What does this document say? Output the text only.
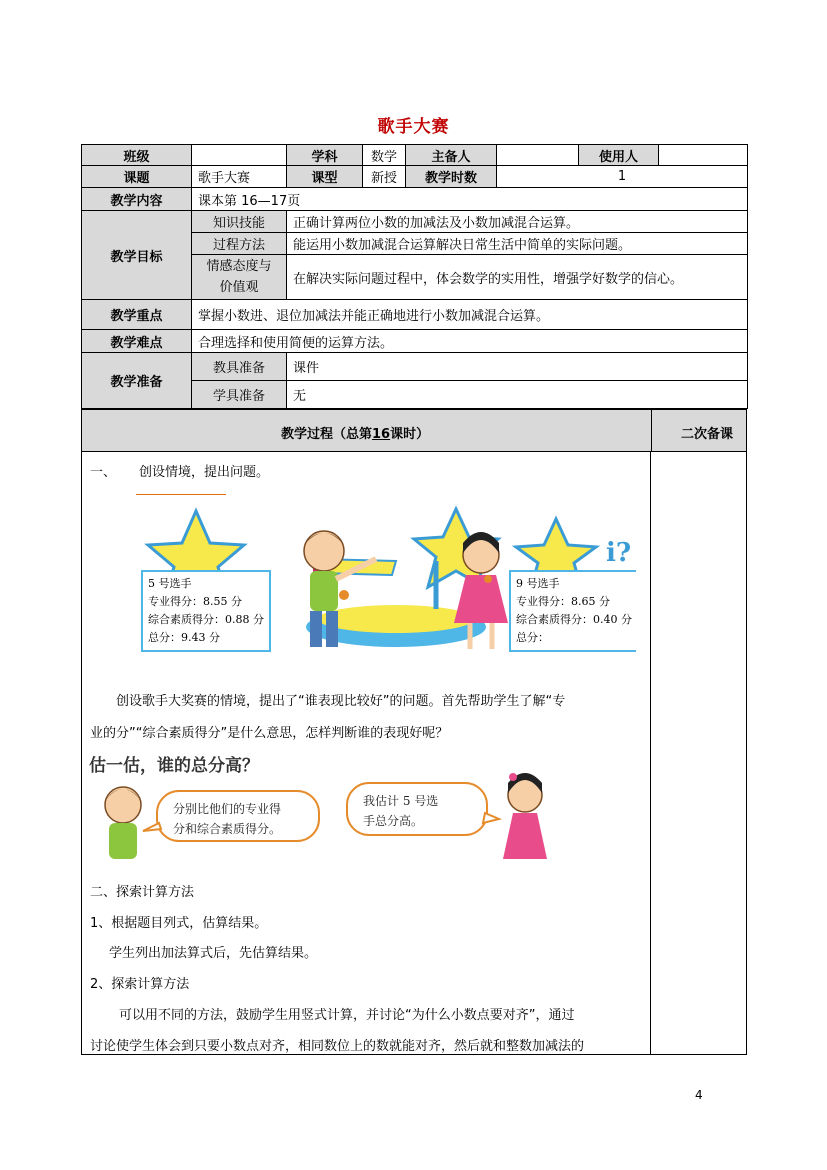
歌手大赛
班级		学科	数学	主备人		使用人	
课题	歌手大赛	课型	新授	教学时数	1		
教学内容	课本第 16—17页						
教学目标	知识技能	正确计算两位小数的加减法及小数加减混合运算。					
	过程方法	能运用小数加减混合运算解决日常生活中简单的实际问题。					

	情感态度与
价值观	在解决实际问题过程中，体会数学的实用性，增强学好数学的信心。					
教学重点	掌握小数进、退位加减法并能正确地进行小数加减混合运算。						
教学难点	合理选择和使用简便的运算方法。						
教学准备	教具准备	课件					
	学具准备	无					
教学过程（总第16课时）	二次备课
一、 创设情境，提出问题。
i?
5 号选手
专业得分：8.55 分
综合素质得分：0.88 分
总分：9.43 分
9 号选手
专业得分：8.65 分
综合素质得分：0.40 分
总分：
创设歌手大奖赛的情境，提出了“谁表现比较好”的问题。首先帮助学生了解“专
业的分”“综合素质得分”是什么意思，怎样判断谁的表现好呢？
估一估，谁的总分高？
分别比他们的专业得
分和综合素质得分。
我估计 5 号选
手总分高。
二、探索计算方法
1、根据题目列式，估算结果。
学生列出加法算式后，先估算结果。
2、探索计算方法
可以用不同的方法，鼓励学生用竖式计算，并讨论“为什么小数点要对齐”，通过
讨论使学生体会到只要小数点对齐，相同数位上的数就能对齐，然后就和整数加减法的
4
